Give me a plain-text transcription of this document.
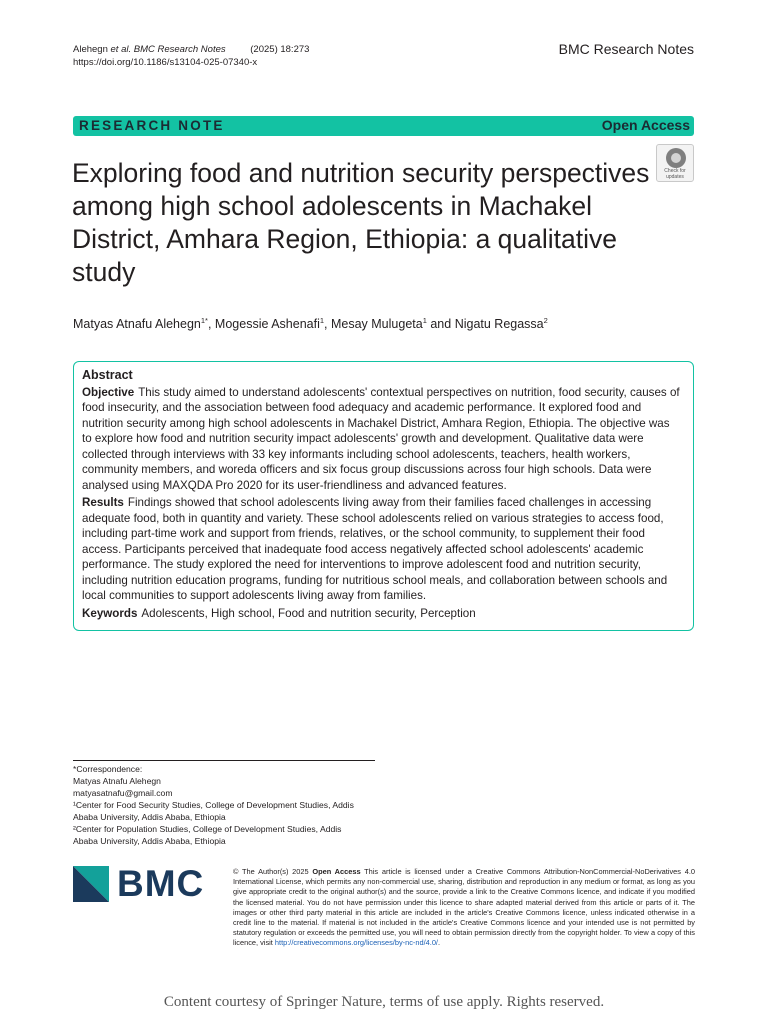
Alehegn et al. BMC Research Notes	(2025) 18:273
https://doi.org/10.1186/s13104-025-07340-x
BMC Research Notes
RESEARCH NOTE	Open Access
Exploring food and nutrition security perspectives among high school adolescents in Machakel District, Amhara Region, Ethiopia: a qualitative study
Check for updates
Matyas Atnafu Alehegn$^{1*}$, Mogessie Ashenafi$^1$, Mesay Mulugeta$^1$ and Nigatu Regassa$^2$
Abstract

Objective This study aimed to understand adolescents' contextual perspectives on nutrition, food security, causes of food insecurity, and the association between food adequacy and academic performance. It explored food and nutrition security among high school adolescents in Machakel District, Amhara Region, Ethiopia. The objective was to explore how food and nutrition security impact adolescents' growth and development. Qualitative data were collected through interviews with 33 key informants including school adolescents, teachers, health workers, community members, and woreda officers and six focus group discussions across four high schools. Data were analysed using MAXQDA Pro 2020 for its user-friendliness and advanced features.

Results Findings showed that school adolescents living away from their families faced challenges in accessing adequate food, both in quantity and variety. These school adolescents relied on various strategies to access food, including part-time work and support from friends, relatives, or the school community, to supplement their food access. Participants perceived that inadequate food access negatively affected school adolescents' academic performance. The study explored the need for interventions to improve adolescent food and nutrition security, including nutrition education programs, funding for nutritious school meals, and collaboration between schools and local communities to support adolescents living away from families.

Keywords Adolescents, High school, Food and nutrition security, Perception

*Correspondence:
Matyas Atnafu Alehegn
matyasatnafu@gmail.com
¹Center for Food Security Studies, College of Development Studies, Addis
Ababa University, Addis Ababa, Ethiopia
²Center for Population Studies, College of Development Studies, Addis
Ababa University, Addis Ababa, Ethiopia
BMC	© The Author(s) 2025 Open Access This article is licensed under a Creative Commons Attribution-NonCommercial-NoDerivatives 4.0 International License, which permits any non-commercial use, sharing, distribution and reproduction in any medium or format, as long as you give appropriate credit to the original author(s) and the source, provide a link to the Creative Commons licence, and indicate if you modified the licensed material. You do not have permission under this licence to share adapted material derived from this article or parts of it. The images or other third party material in this article are included in the article's Creative Commons licence, unless indicated otherwise in a credit line to the material. If material is not included in the article's Creative Commons licence and your intended use is not permitted by statutory regulation or exceeds the permitted use, you will need to obtain permission directly from the copyright holder. To view a copy of this licence, visit http://creativecommons.org/licenses/by-nc-nd/4.0/.
Content courtesy of Springer Nature, terms of use apply. Rights reserved.
